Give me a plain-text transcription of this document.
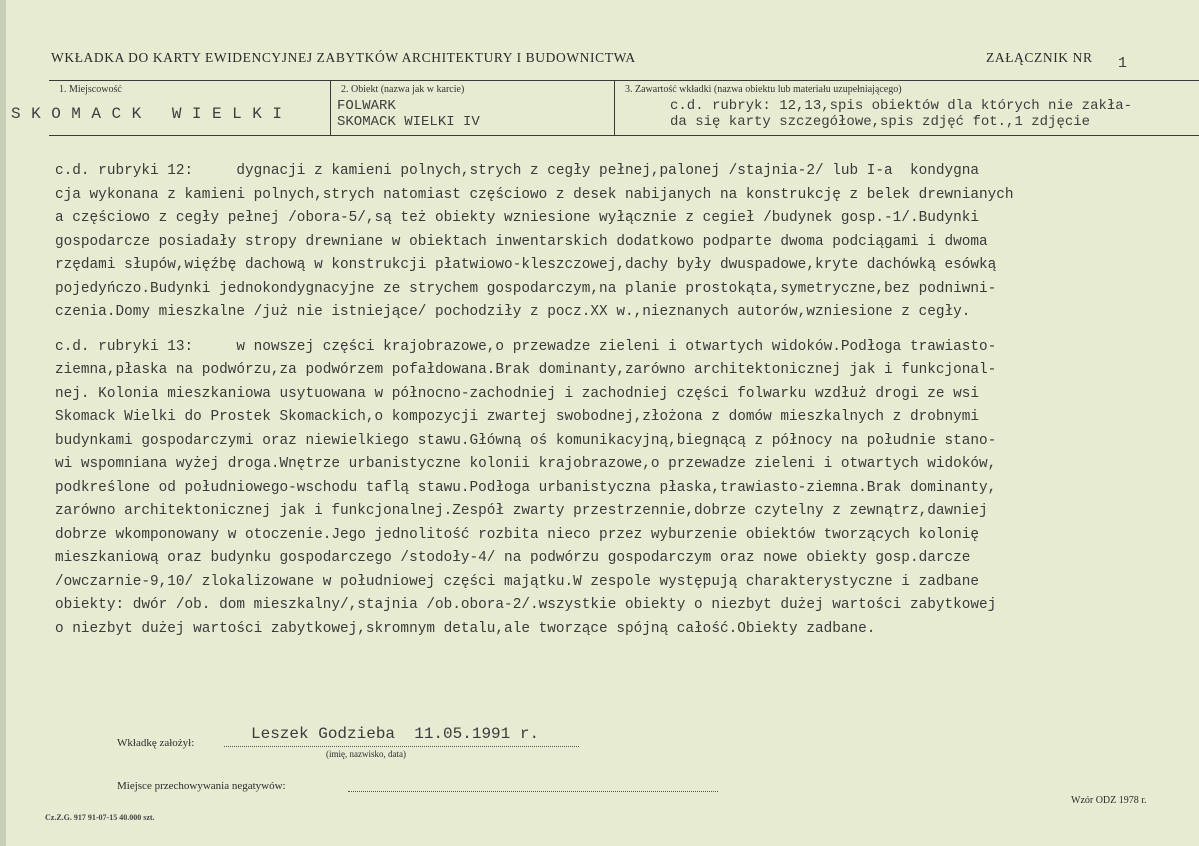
WKŁADKA DO KARTY EWIDENCYJNEJ ZABYTKÓW ARCHITEKTURY I BUDOWNICTWA	ZAŁĄCZNIK NR 1
1. Miejscowość
SKOMACK WIELKI
2. Obiekt (nazwa jak w karcie)
FOLWARK
SKOMACK WIELKI IV
3. Zawartość wkładki (nazwa obiektu lub materiału uzupełniającego)
c.d. rubryk: 12,13,spis obiektów dla których nie zakła-
da się karty szczegółowe,spis zdjęć fot.,1 zdjęcie
c.d. rubryki 12:     dygnacji z kamieni polnych,strych z cegły pełnej,palonej /stajnia-2/ lub I-a  kondygna
cja wykonana z kamieni polnych,strych natomiast częściowo z desek nabijanych na konstrukcję z belek drewnianych
a częściowo z cegły pełnej /obora-5/,są też obiekty wzniesione wyłącznie z cegieł /budynek gosp.-1/.Budynki
gospodarcze posiadały stropy drewniane w obiektach inwentarskich dodatkowo podparte dwoma podciągami i dwoma
rzędami słupów,więźbę dachową w konstrukcji płatwiowo-kleszczowej,dachy były dwuspadowe,kryte dachówką esówką
pojedyńczo.Budynki jednokondygnacyjne ze strychem gospodarczym,na planie prostokąta,symetryczne,bez podniwni-
czenia.Domy mieszkalne /już nie istniejące/ pochodziły z pocz.XX w.,nieznanych autorów,wzniesione z cegły.
c.d. rubryki 13:     w nowszej części krajobrazowe,o przewadze zieleni i otwartych widoków.Podłoga trawiasto-
ziemna,płaska na podwórzu,za podwórzem pofałdowana.Brak dominanty,zarówno architektonicznej jak i funkcjonal-
nej. Kolonia mieszkaniowa usytuowana w północno-zachodniej i zachodniej części folwarku wzdłuż drogi ze wsi
Skomack Wielki do Prostek Skomackich,o kompozycji zwartej swobodnej,złożona z domów mieszkalnych z drobnymi
budynkami gospodarczymi oraz niewielkiego stawu.Główną oś komunikacyjną,biegnącą z północy na południe stano-
wi wspomniana wyżej droga.Wnętrze urbanistyczne kolonii krajobrazowe,o przewadze zieleni i otwartych widoków,
podkreślone od południowego-wschodu taflą stawu.Podłoga urbanistyczna płaska,trawiasto-ziemna.Brak dominanty,
zarówno architektonicznej jak i funkcjonalnej.Zespół zwarty przestrzennie,dobrze czytelny z zewnątrz,dawniej
dobrze wkomponowany w otoczenie.Jego jednolitość rozbita nieco przez wyburzenie obiektów tworzących kolonię
mieszkaniową oraz budynku gospodarczego /stodoły-4/ na podwórzu gospodarczym oraz nowe obiekty gosp.darcze
/owczarnie-9,10/ zlokalizowane w południowej części majątku.W zespole występują charakterystyczne i zadbane
obiekty: dwór /ob. dom mieszkalny/,stajnia /ob.obora-2/.wszystkie obiekty o niezbyt dużej wartości zabytkowej
o niezbyt dużej wartości zabytkowej,skromnym detalu,ale tworzące spójną całość.Obiekty zadbane.
Wkładkę założył:	Leszek Godzieba  11.05.1991 r.
(imię, nazwisko, data)
Miejsce przechowywania negatywów:
Wzór ODZ 1978 r.
Cz.Z.G. 917 91-07-15 40.000 szt.
